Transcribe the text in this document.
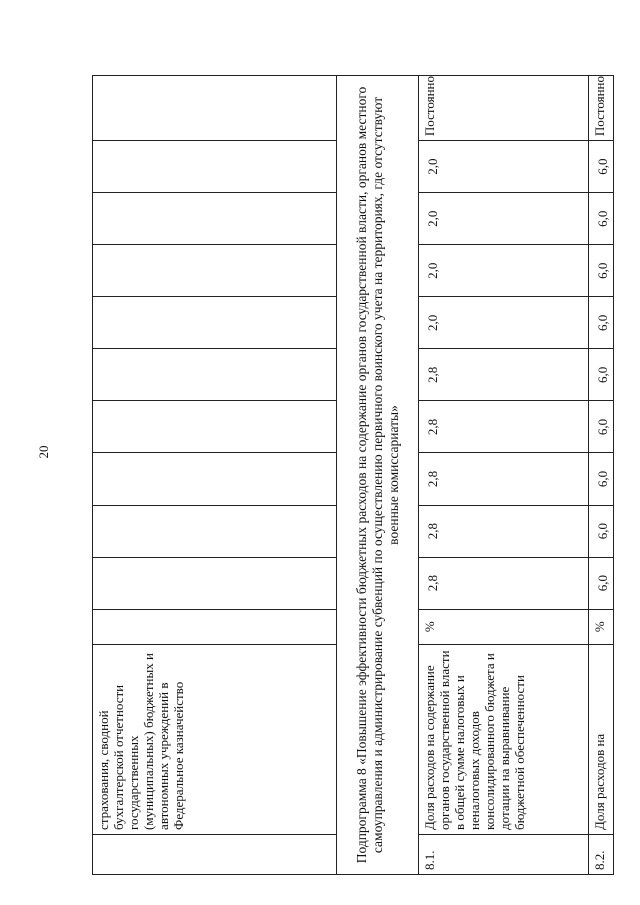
20
	страхования, сводной бухгалтерской отчетности государственных (муниципальных) бюджетных и автономных учреждений в Федеральное казначейство											
Подпрограмма 8 «Повышение эффективности бюджетных расходов на содержание органов государственной власти, органов местного самоуправления и администрирование субвенций по осуществлению первичного воинского учета на территориях, где отсутствуют военные комиссариаты»												
8.1.	Доля расходов на содержание органов государственной власти в общей сумме налоговых и неналоговых доходов консолидированного бюджета и дотации на выравнивание бюджетной обеспеченности	%	2,8	2,8	2,8	2,8	2,8	2,0	2,0	2,0	2,0	Постоянно
8.2.	Доля расходов на	%	6,0	6,0	6,0	6,0	6,0	6,0	6,0	6,0	6,0	Постоянно
